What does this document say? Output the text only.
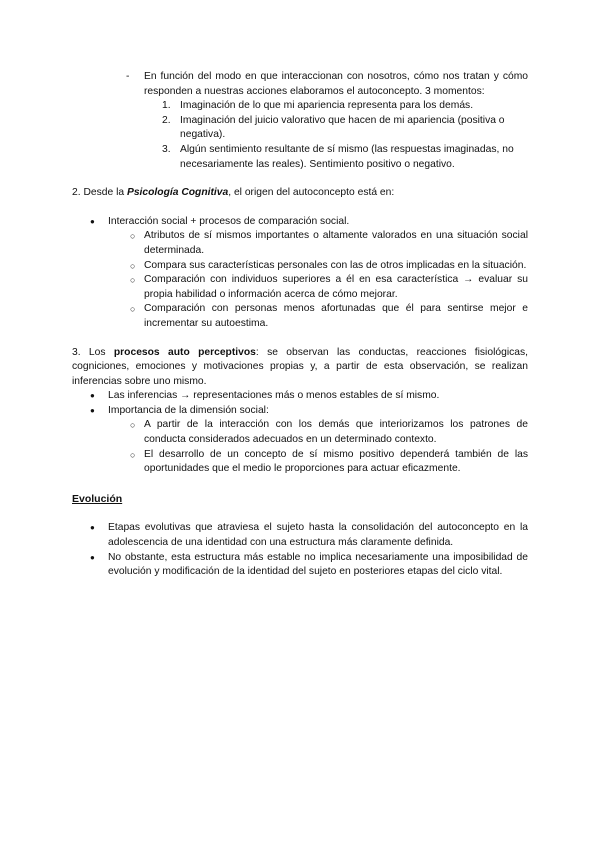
- En función del modo en que interaccionan con nosotros, cómo nos tratan y cómo responden a nuestras acciones elaboramos el autoconcepto. 3 momentos:
1. Imaginación de lo que mi apariencia representa para los demás.
2. Imaginación del juicio valorativo que hacen de mi apariencia (positiva o negativa).
3. Algún sentimiento resultante de sí mismo (las respuestas imaginadas, no necesariamente las reales). Sentimiento positivo o negativo.

2. Desde la Psicología Cognitiva, el origen del autoconcepto está en:

● Interacción social + procesos de comparación social.
○ Atributos de sí mismos importantes o altamente valorados en una situación social determinada.
○ Compara sus características personales con las de otros implicadas en la situación.
○ Comparación con individuos superiores a él en esa característica → evaluar su propia habilidad o información acerca de cómo mejorar.
○ Comparación con personas menos afortunadas que él para sentirse mejor e incrementar su autoestima.

3. Los procesos auto perceptivos: se observan las conductas, reacciones fisiológicas, cogniciones, emociones y motivaciones propias y, a partir de esta observación, se realizan inferencias sobre uno mismo.

● Las inferencias → representaciones más o menos estables de sí mismo.
● Importancia de la dimensión social:
○ A partir de la interacción con los demás que interiorizamos los patrones de conducta considerados adecuados en un determinado contexto.
○ El desarrollo de un concepto de sí mismo positivo dependerá también de las oportunidades que el medio le proporciones para actuar eficazmente.
Evolución
● Etapas evolutivas que atraviesa el sujeto hasta la consolidación del autoconcepto en la adolescencia de una identidad con una estructura más claramente definida.
● No obstante, esta estructura más estable no implica necesariamente una imposibilidad de evolución y modificación de la identidad del sujeto en posteriores etapas del ciclo vital.
